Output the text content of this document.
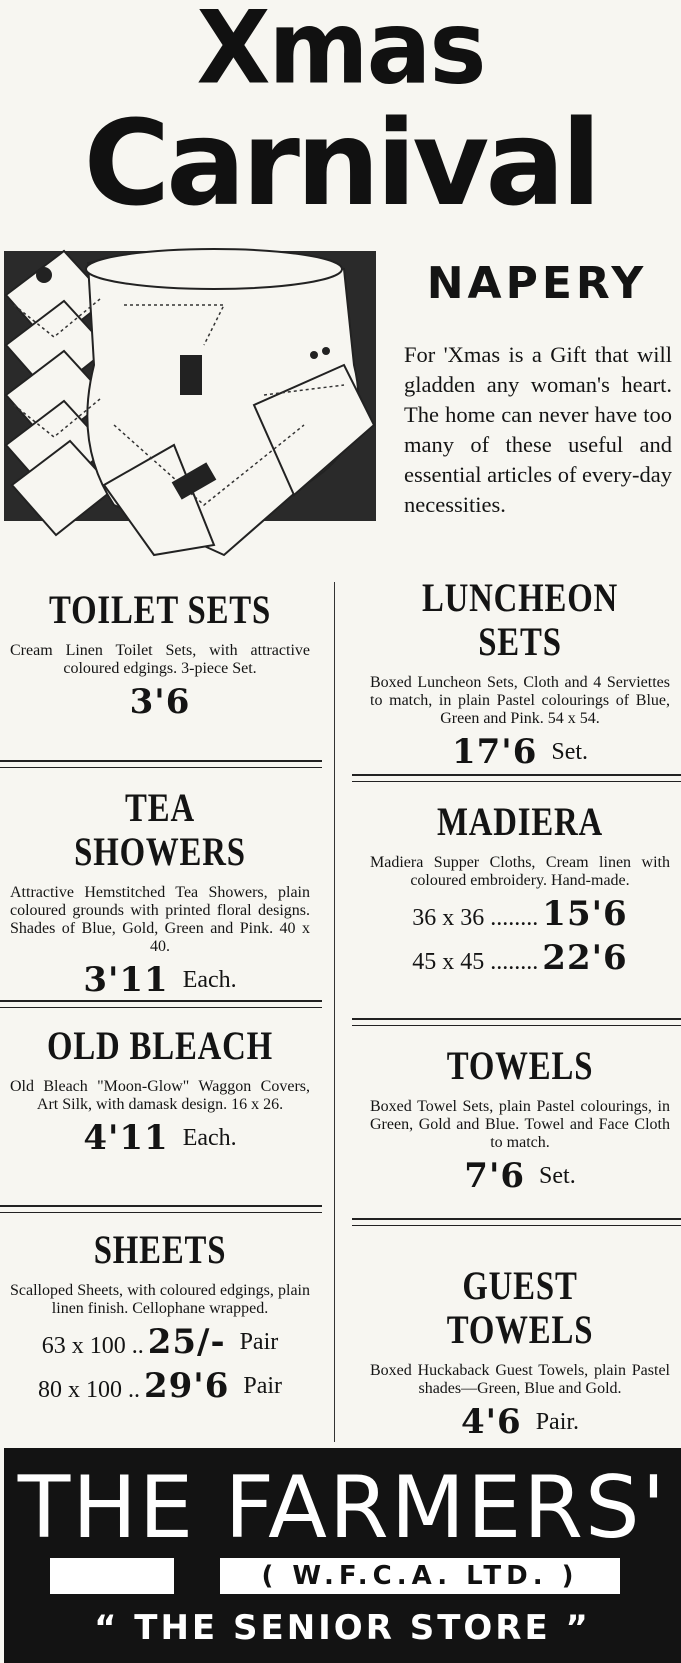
Xmas
Carnival
NAPERY
For 'Xmas is a Gift that will gladden any woman's heart. The home can never have too many of these useful and essential articles of every-day necessities.
TOILET SETS
Cream Linen Toilet Sets, with attractive coloured edgings. 3-piece Set.
3'6
TEA SHOWERS
Attractive Hemstitched Tea Showers, plain coloured grounds with printed floral designs. Shades of Blue, Gold, Green and Pink. 40 x 40.
3'11 Each.
OLD BLEACH
Old Bleach "Moon-Glow" Waggon Covers, Art Silk, with damask design. 16 x 26.
4'11 Each.
SHEETS
Scalloped Sheets, with coloured edgings, plain linen finish. Cellophane wrapped.
63 x 100 .. 25/- Pair
80 x 100 .. 29'6 Pair
LUNCHEON SETS
Boxed Luncheon Sets, Cloth and 4 Serviettes to match, in plain Pastel colourings of Blue, Green and Pink. 54 x 54.
17'6 Set.
MADIERA
Madiera Supper Cloths, Cream linen with coloured embroidery. Hand-made.
36 x 36 ........ 15'6
45 x 45 ........ 22'6
TOWELS
Boxed Towel Sets, plain Pastel colourings, in Green, Gold and Blue. Towel and Face Cloth to match.
7'6 Set.
GUEST TOWELS
Boxed Huckaback Guest Towels, plain Pastel shades—Green, Blue and Gold.
4'6 Pair.
THE FARMERS'
( W.F.C.A. LTD. )
“ THE SENIOR STORE ”
